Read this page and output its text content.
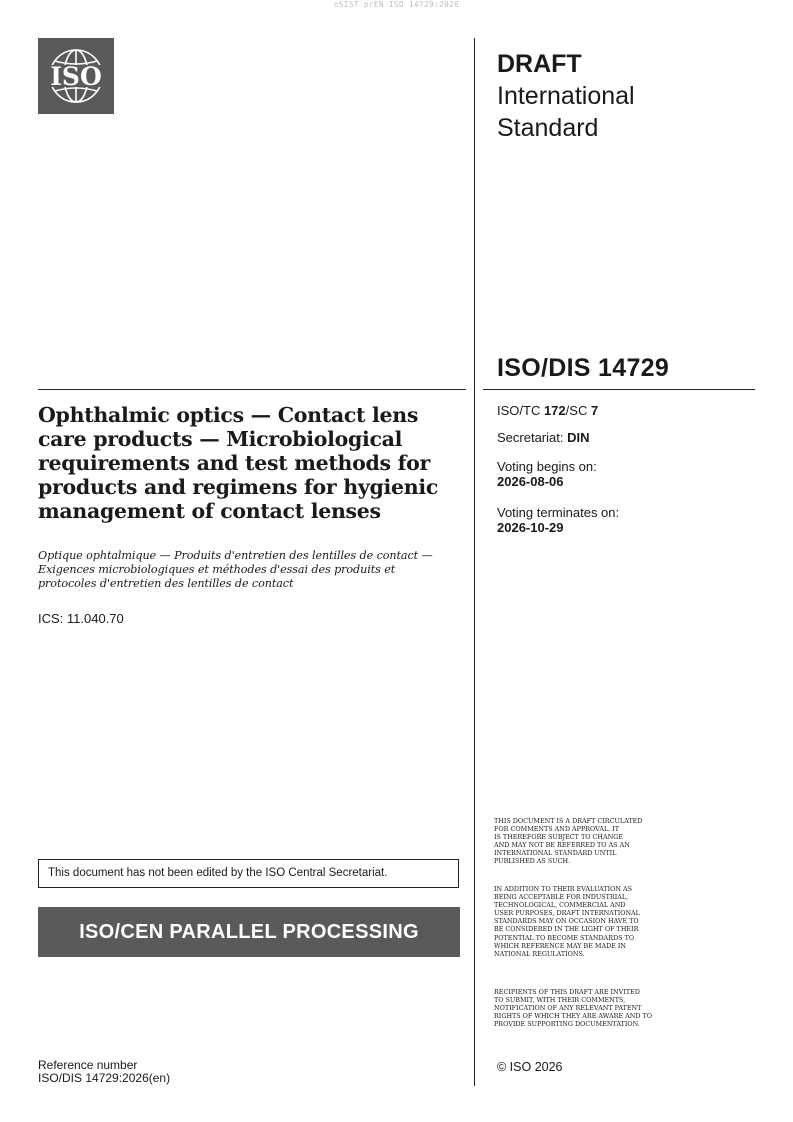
oSIST prEN ISO 14729:2026
ISO	DRAFT
International
Standard
ISO/DIS 14729
Ophthalmic optics — Contact lens care products — Microbiological requirements and test methods for products and regimens for hygienic management of contact lenses
Optique ophtalmique — Produits d'entretien des lentilles de contact — Exigences microbiologiques et méthodes d'essai des produits et protocoles d'entretien des lentilles de contact
ICS: 11.040.70
ISO/TC 172/SC 7
Secretariat: DIN
Voting begins on:
2026-08-06
Voting terminates on:
2026-10-29
This document has not been edited by the ISO Central Secretariat.
ISO/CEN PARALLEL PROCESSING
THIS DOCUMENT IS A DRAFT CIRCULATED
FOR COMMENTS AND APPROVAL. IT
IS THEREFORE SUBJECT TO CHANGE
AND MAY NOT BE REFERRED TO AS AN
INTERNATIONAL STANDARD UNTIL
PUBLISHED AS SUCH.
IN ADDITION TO THEIR EVALUATION AS
BEING ACCEPTABLE FOR INDUSTRIAL,
TECHNOLOGICAL, COMMERCIAL AND
USER PURPOSES, DRAFT INTERNATIONAL
STANDARDS MAY ON OCCASION HAVE TO
BE CONSIDERED IN THE LIGHT OF THEIR
POTENTIAL TO BECOME STANDARDS TO
WHICH REFERENCE MAY BE MADE IN
NATIONAL REGULATIONS.
RECIPIENTS OF THIS DRAFT ARE INVITED
TO SUBMIT, WITH THEIR COMMENTS,
NOTIFICATION OF ANY RELEVANT PATENT
RIGHTS OF WHICH THEY ARE AWARE AND TO
PROVIDE SUPPORTING DOCUMENTATION.
Reference number
ISO/DIS 14729:2026(en)
© ISO 2026
